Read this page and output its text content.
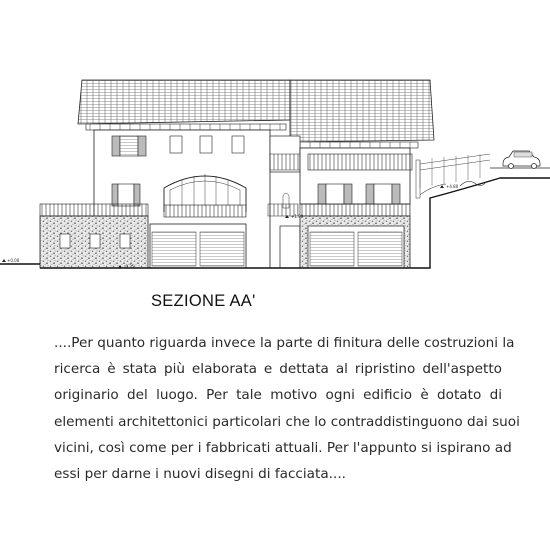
+0.00
-0.35
+1.90
+4.80
SEZIONE AA'
....Per quanto riguarda invece la parte di finitura delle costruzioni la
ricerca è stata più elaborata e dettata al ripristino dell'aspetto
originario del luogo. Per tale motivo ogni edificio è dotato di
elementi architettonici particolari che lo contraddistinguono dai suoi
vicini, così come per i fabbricati attuali. Per l'appunto si ispirano ad
essi per darne i nuovi disegni di facciata....
